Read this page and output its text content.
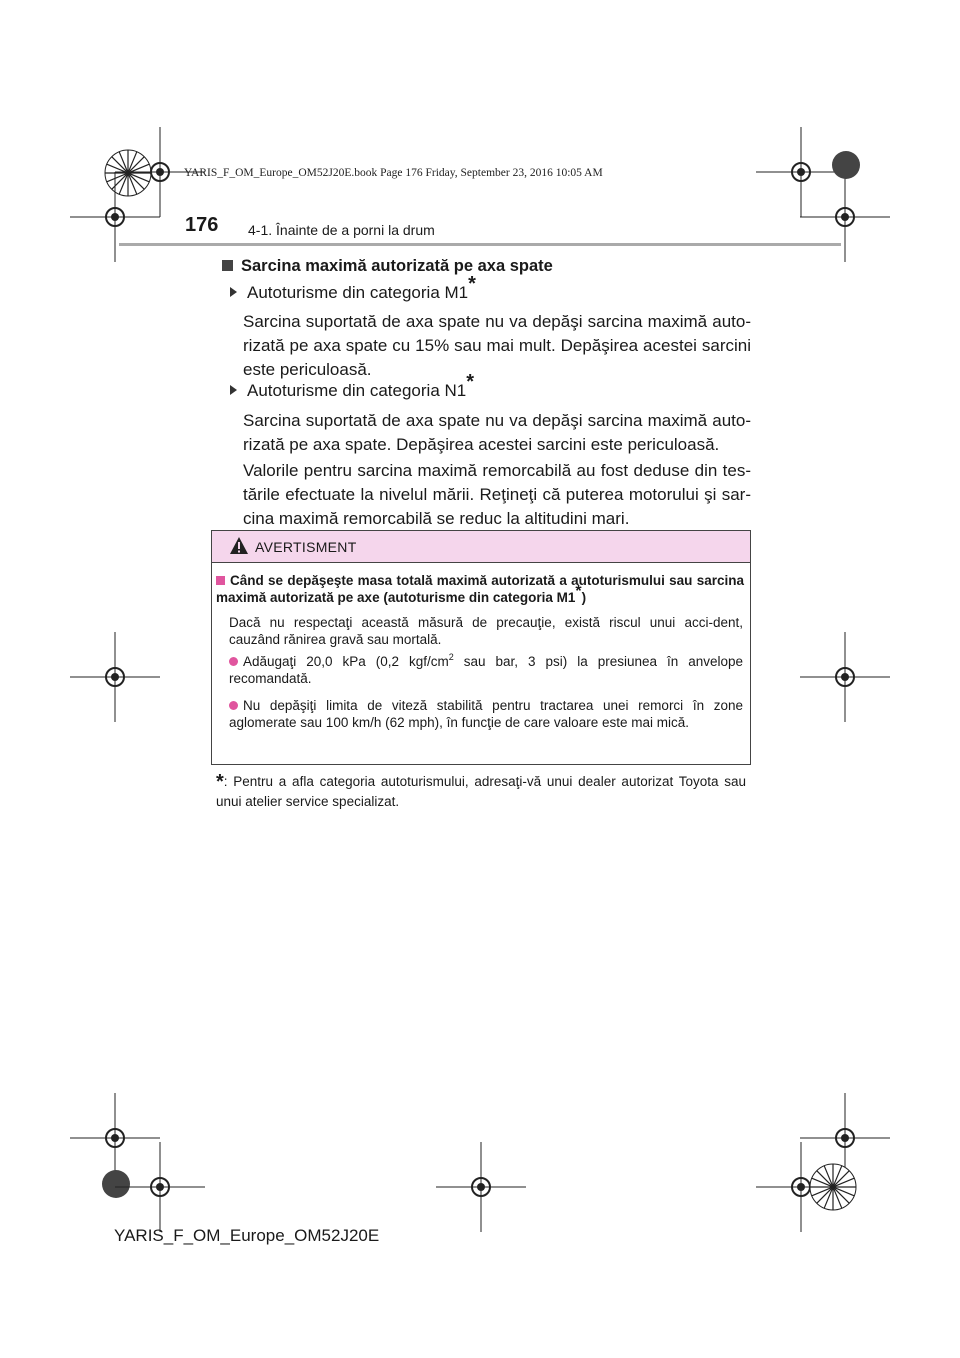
YARIS_F_OM_Europe_OM52J20E.book Page 176 Friday, September 23, 2016 10:05 AM
176 4-1. Înainte de a porni la drum
Sarcina maximă autorizată pe axa spate
Autoturisme din categoria M1*
Sarcina suportată de axa spate nu va depăşi sarcina maximă auto-rizată pe axa spate cu 15% sau mai mult. Depăşirea acestei sarcini este periculoasă.
Autoturisme din categoria N1*
Sarcina suportată de axa spate nu va depăşi sarcina maximă auto-rizată pe axa spate. Depăşirea acestei sarcini este periculoasă.
Valorile pentru sarcina maximă remorcabilă au fost deduse din tes-tările efectuate la nivelul mării. Reţineţi că puterea motorului şi sar-cina maximă remorcabilă se reduc la altitudini mari.
AVERTISMENT
Când se depăşeşte masa totală maximă autorizată a autoturismului sau sarcina maximă autorizată pe axe (autoturisme din categoria M1*)
Dacă nu respectaţi această măsură de precauţie, există riscul unui acci-dent, cauzând rănirea gravă sau mortală.
Adăugaţi 20,0 kPa (0,2 kgf/$cm^2$ sau bar, 3 psi) la presiunea în anvelope recomandată.
Nu depăşiţi limita de viteză stabilită pentru tractarea unei remorci în zone aglomerate sau 100 km/h (62 mph), în funcţie de care valoare este mai mică.
*: Pentru a afla categoria autoturismului, adresaţi-vă unui dealer autorizat Toyota sau unui atelier service specializat.
YARIS_F_OM_Europe_OM52J20E
